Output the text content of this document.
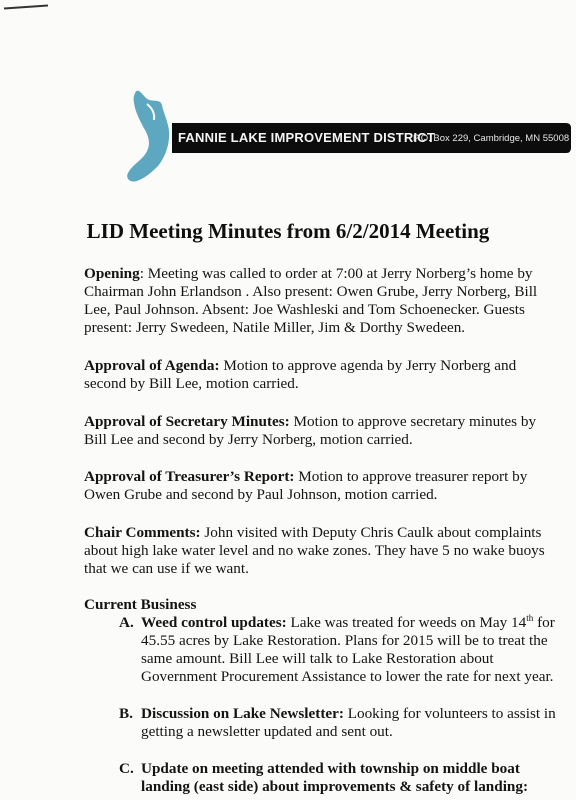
FANNIE LAKE IMPROVEMENT DISTRICT
P.O. Box 229, Cambridge, MN 55008
LID Meeting Minutes from 6/2/2014 Meeting
Opening: Meeting was called to order at 7:00 at Jerry Norberg’s home by Chairman John Erlandson . Also present: Owen Grube, Jerry Norberg, Bill Lee, Paul Johnson. Absent: Joe Washleski and Tom Schoenecker. Guests present: Jerry Swedeen, Natile Miller, Jim & Dorthy Swedeen.
Approval of Agenda: Motion to approve agenda by Jerry Norberg and second by Bill Lee, motion carried.
Approval of Secretary Minutes: Motion to approve secretary minutes by Bill Lee and second by Jerry Norberg, motion carried.
Approval of Treasurer’s Report: Motion to approve treasurer report by Owen Grube and second by Paul Johnson, motion carried.
Chair Comments: John visited with Deputy Chris Caulk about complaints about high lake water level and no wake zones. They have 5 no wake buoys that we can use if we want.
Current Business
A. Weed control updates: Lake was treated for weeds on May 14th for 45.55 acres by Lake Restoration. Plans for 2015 will be to treat the same amount. Bill Lee will talk to Lake Restoration about Government Procurement Assistance to lower the rate for next year.
B. Discussion on Lake Newsletter: Looking for volunteers to assist in getting a newsletter updated and sent out.
C. Update on meeting attended with township on middle boat landing (east side) about improvements & safety of landing:
